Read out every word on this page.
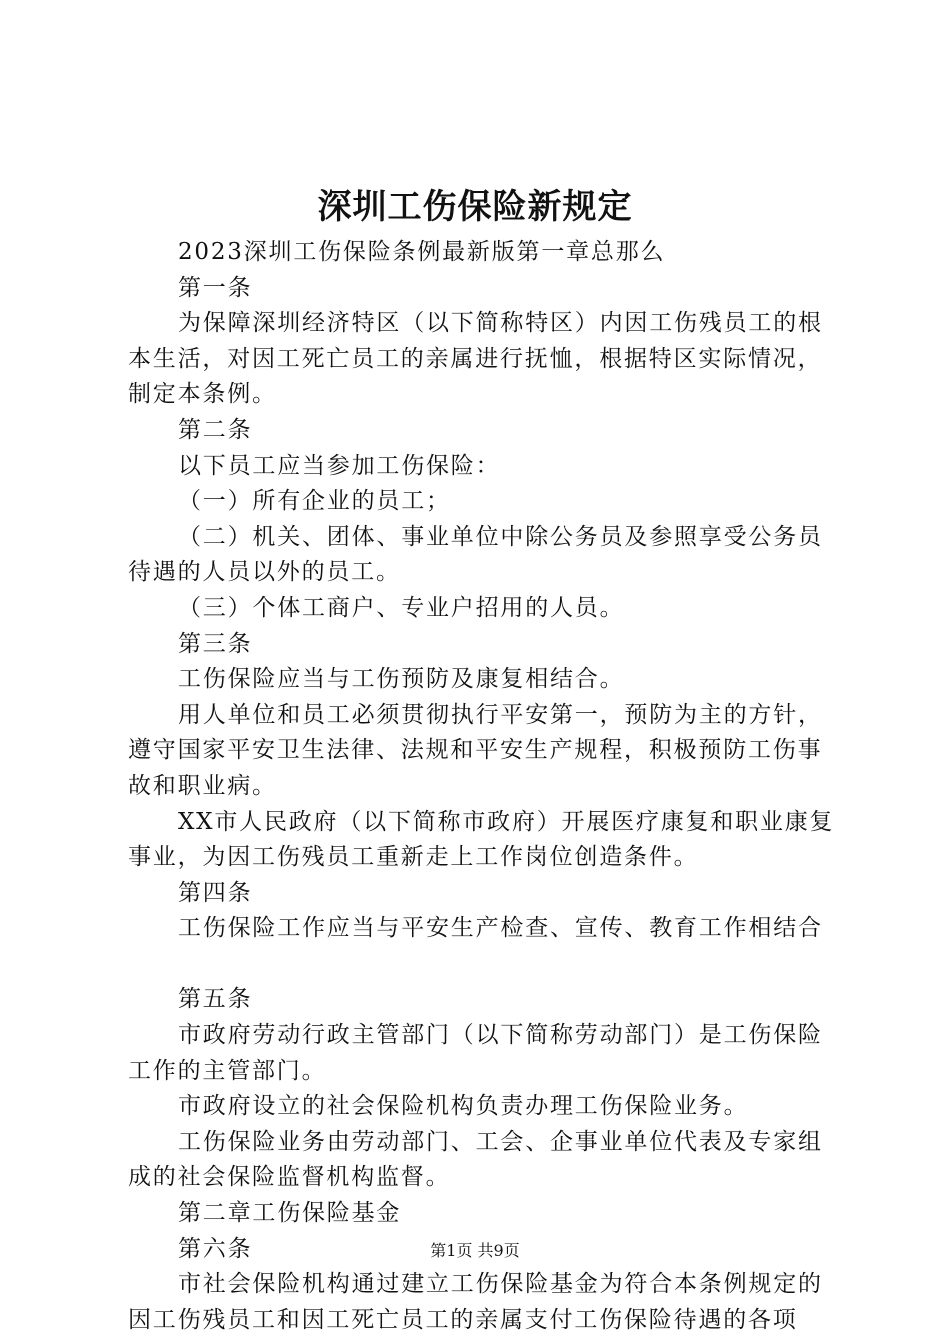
深圳工伤保险新规定

2023深圳工伤保险条例最新版第一章总那么

第一条

为保障深圳经济特区（以下简称特区）内因工伤残员工的根本生活，对因工死亡员工的亲属进行抚恤，根据特区实际情况，制定本条例。

第二条

以下员工应当参加工伤保险：

（一）所有企业的员工；

（二）机关、团体、事业单位中除公务员及参照享受公务员待遇的人员以外的员工。

（三）个体工商户、专业户招用的人员。

第三条

工伤保险应当与工伤预防及康复相结合。

用人单位和员工必须贯彻执行平安第一，预防为主的方针，遵守国家平安卫生法律、法规和平安生产规程，积极预防工伤事故和职业病。

XX市人民政府（以下简称市政府）开展医疗康复和职业康复事业，为因工伤残员工重新走上工作岗位创造条件。

第四条

工伤保险工作应当与平安生产检查、宣传、教育工作相结合

第五条

市政府劳动行政主管部门（以下简称劳动部门）是工伤保险工作的主管部门。

市政府设立的社会保险机构负责办理工伤保险业务。

工伤保险业务由劳动部门、工会、企事业单位代表及专家组成的社会保险监督机构监督。

第二章工伤保险基金

第六条

市社会保险机构通过建立工伤保险基金为符合本条例规定的因工伤残员工和因工死亡员工的亲属支付工伤保险待遇的各项

第1页 共9页
